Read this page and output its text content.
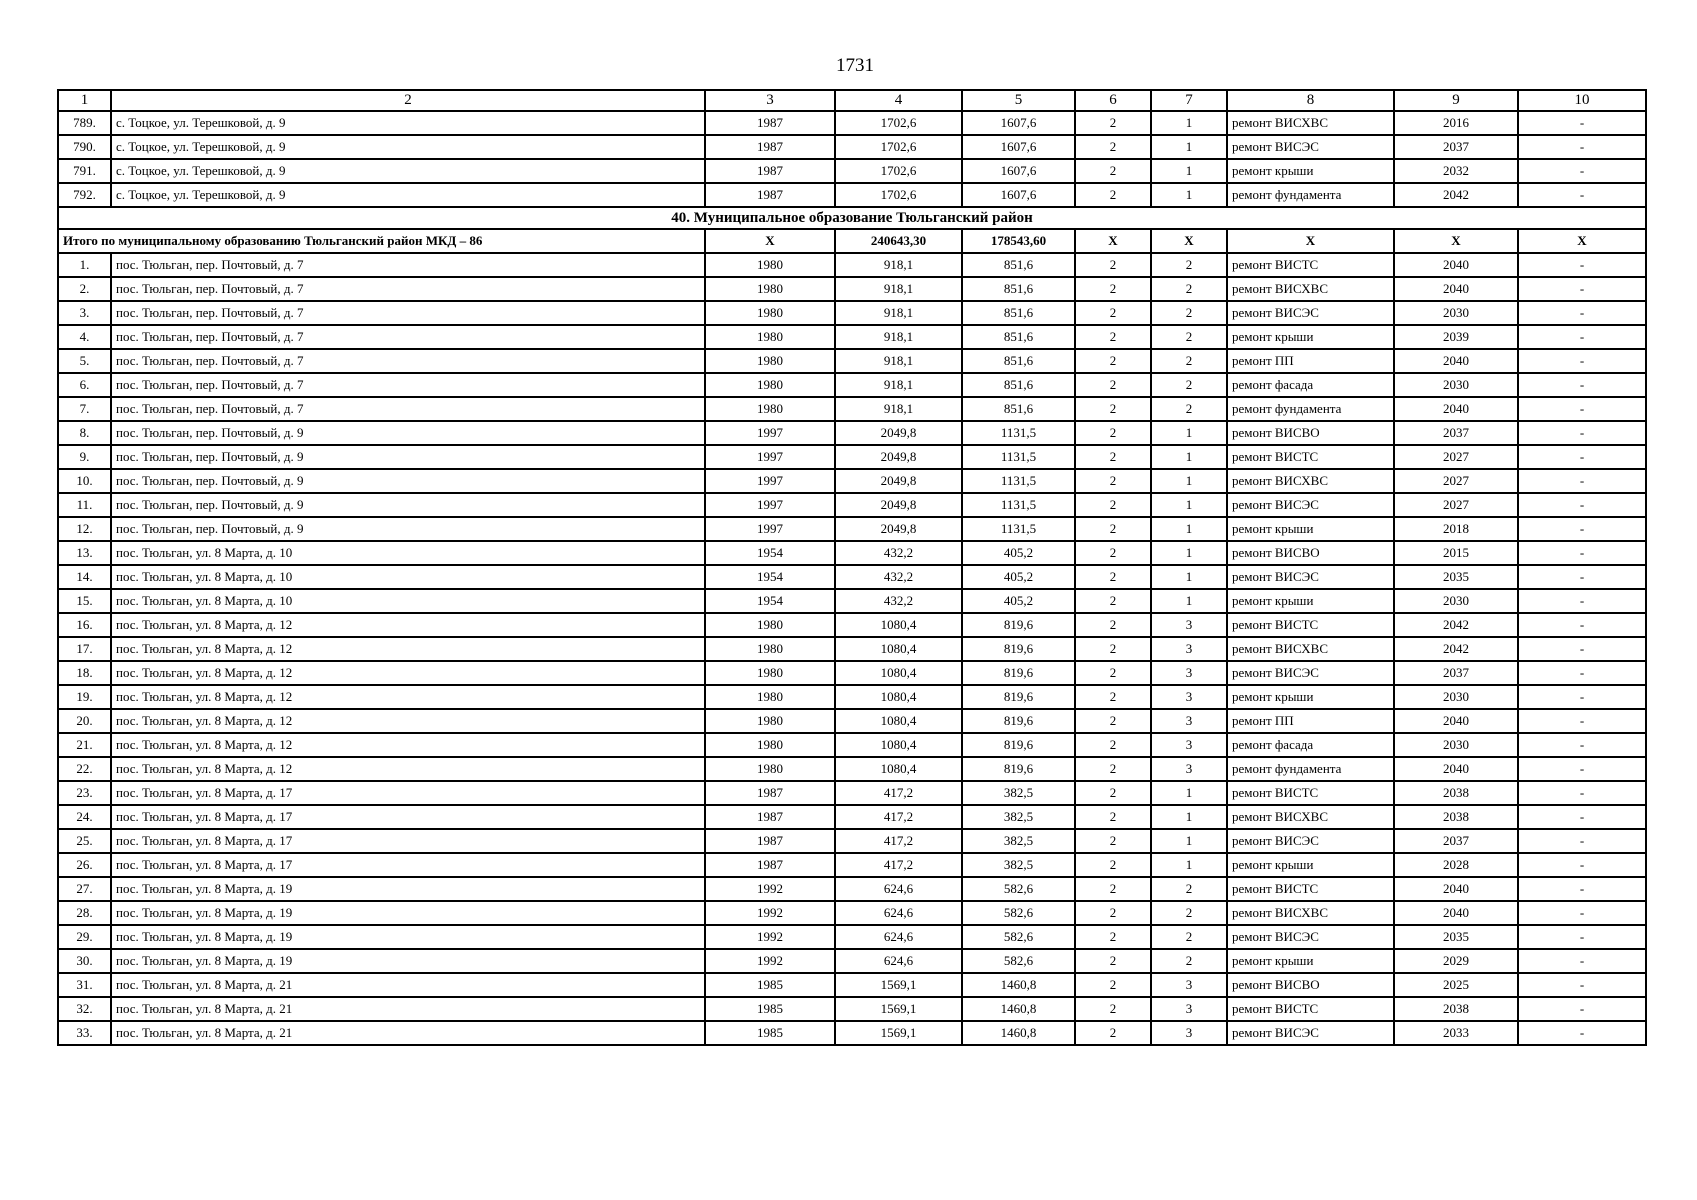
1731
1	2	3	4	5	6	7	8	9	10
789.	с. Тоцкое, ул. Терешковой, д. 9	1987	1702,6	1607,6	2	1	ремонт ВИСХВС	2016	-
790.	с. Тоцкое, ул. Терешковой, д. 9	1987	1702,6	1607,6	2	1	ремонт ВИСЭС	2037	-
791.	с. Тоцкое, ул. Терешковой, д. 9	1987	1702,6	1607,6	2	1	ремонт крыши	2032	-
792.	с. Тоцкое, ул. Терешковой, д. 9	1987	1702,6	1607,6	2	1	ремонт фундамента	2042	-
40. Муниципальное образование Тюльганский район									
Итого по муниципальному образованию Тюльганский район МКД – 86		Х	240643,30	178543,60	Х	Х	Х	Х	Х
1.	пос. Тюльган, пер. Почтовый, д. 7	1980	918,1	851,6	2	2	ремонт ВИСТС	2040	-
2.	пос. Тюльган, пер. Почтовый, д. 7	1980	918,1	851,6	2	2	ремонт ВИСХВС	2040	-
3.	пос. Тюльган, пер. Почтовый, д. 7	1980	918,1	851,6	2	2	ремонт ВИСЭС	2030	-
4.	пос. Тюльган, пер. Почтовый, д. 7	1980	918,1	851,6	2	2	ремонт крыши	2039	-
5.	пос. Тюльган, пер. Почтовый, д. 7	1980	918,1	851,6	2	2	ремонт ПП	2040	-
6.	пос. Тюльган, пер. Почтовый, д. 7	1980	918,1	851,6	2	2	ремонт фасада	2030	-
7.	пос. Тюльган, пер. Почтовый, д. 7	1980	918,1	851,6	2	2	ремонт фундамента	2040	-
8.	пос. Тюльган, пер. Почтовый, д. 9	1997	2049,8	1131,5	2	1	ремонт ВИСВО	2037	-
9.	пос. Тюльган, пер. Почтовый, д. 9	1997	2049,8	1131,5	2	1	ремонт ВИСТС	2027	-
10.	пос. Тюльган, пер. Почтовый, д. 9	1997	2049,8	1131,5	2	1	ремонт ВИСХВС	2027	-
11.	пос. Тюльган, пер. Почтовый, д. 9	1997	2049,8	1131,5	2	1	ремонт ВИСЭС	2027	-
12.	пос. Тюльган, пер. Почтовый, д. 9	1997	2049,8	1131,5	2	1	ремонт крыши	2018	-
13.	пос. Тюльган, ул. 8 Марта, д. 10	1954	432,2	405,2	2	1	ремонт ВИСВО	2015	-
14.	пос. Тюльган, ул. 8 Марта, д. 10	1954	432,2	405,2	2	1	ремонт ВИСЭС	2035	-
15.	пос. Тюльган, ул. 8 Марта, д. 10	1954	432,2	405,2	2	1	ремонт крыши	2030	-
16.	пос. Тюльган, ул. 8 Марта, д. 12	1980	1080,4	819,6	2	3	ремонт ВИСТС	2042	-
17.	пос. Тюльган, ул. 8 Марта, д. 12	1980	1080,4	819,6	2	3	ремонт ВИСХВС	2042	-
18.	пос. Тюльган, ул. 8 Марта, д. 12	1980	1080,4	819,6	2	3	ремонт ВИСЭС	2037	-
19.	пос. Тюльган, ул. 8 Марта, д. 12	1980	1080,4	819,6	2	3	ремонт крыши	2030	-
20.	пос. Тюльган, ул. 8 Марта, д. 12	1980	1080,4	819,6	2	3	ремонт ПП	2040	-
21.	пос. Тюльган, ул. 8 Марта, д. 12	1980	1080,4	819,6	2	3	ремонт фасада	2030	-
22.	пос. Тюльган, ул. 8 Марта, д. 12	1980	1080,4	819,6	2	3	ремонт фундамента	2040	-
23.	пос. Тюльган, ул. 8 Марта, д. 17	1987	417,2	382,5	2	1	ремонт ВИСТС	2038	-
24.	пос. Тюльган, ул. 8 Марта, д. 17	1987	417,2	382,5	2	1	ремонт ВИСХВС	2038	-
25.	пос. Тюльган, ул. 8 Марта, д. 17	1987	417,2	382,5	2	1	ремонт ВИСЭС	2037	-
26.	пос. Тюльган, ул. 8 Марта, д. 17	1987	417,2	382,5	2	1	ремонт крыши	2028	-
27.	пос. Тюльган, ул. 8 Марта, д. 19	1992	624,6	582,6	2	2	ремонт ВИСТС	2040	-
28.	пос. Тюльган, ул. 8 Марта, д. 19	1992	624,6	582,6	2	2	ремонт ВИСХВС	2040	-
29.	пос. Тюльган, ул. 8 Марта, д. 19	1992	624,6	582,6	2	2	ремонт ВИСЭС	2035	-
30.	пос. Тюльган, ул. 8 Марта, д. 19	1992	624,6	582,6	2	2	ремонт крыши	2029	-
31.	пос. Тюльган, ул. 8 Марта, д. 21	1985	1569,1	1460,8	2	3	ремонт ВИСВО	2025	-
32.	пос. Тюльган, ул. 8 Марта, д. 21	1985	1569,1	1460,8	2	3	ремонт ВИСТС	2038	-
33.	пос. Тюльган, ул. 8 Марта, д. 21	1985	1569,1	1460,8	2	3	ремонт ВИСЭС	2033	-
